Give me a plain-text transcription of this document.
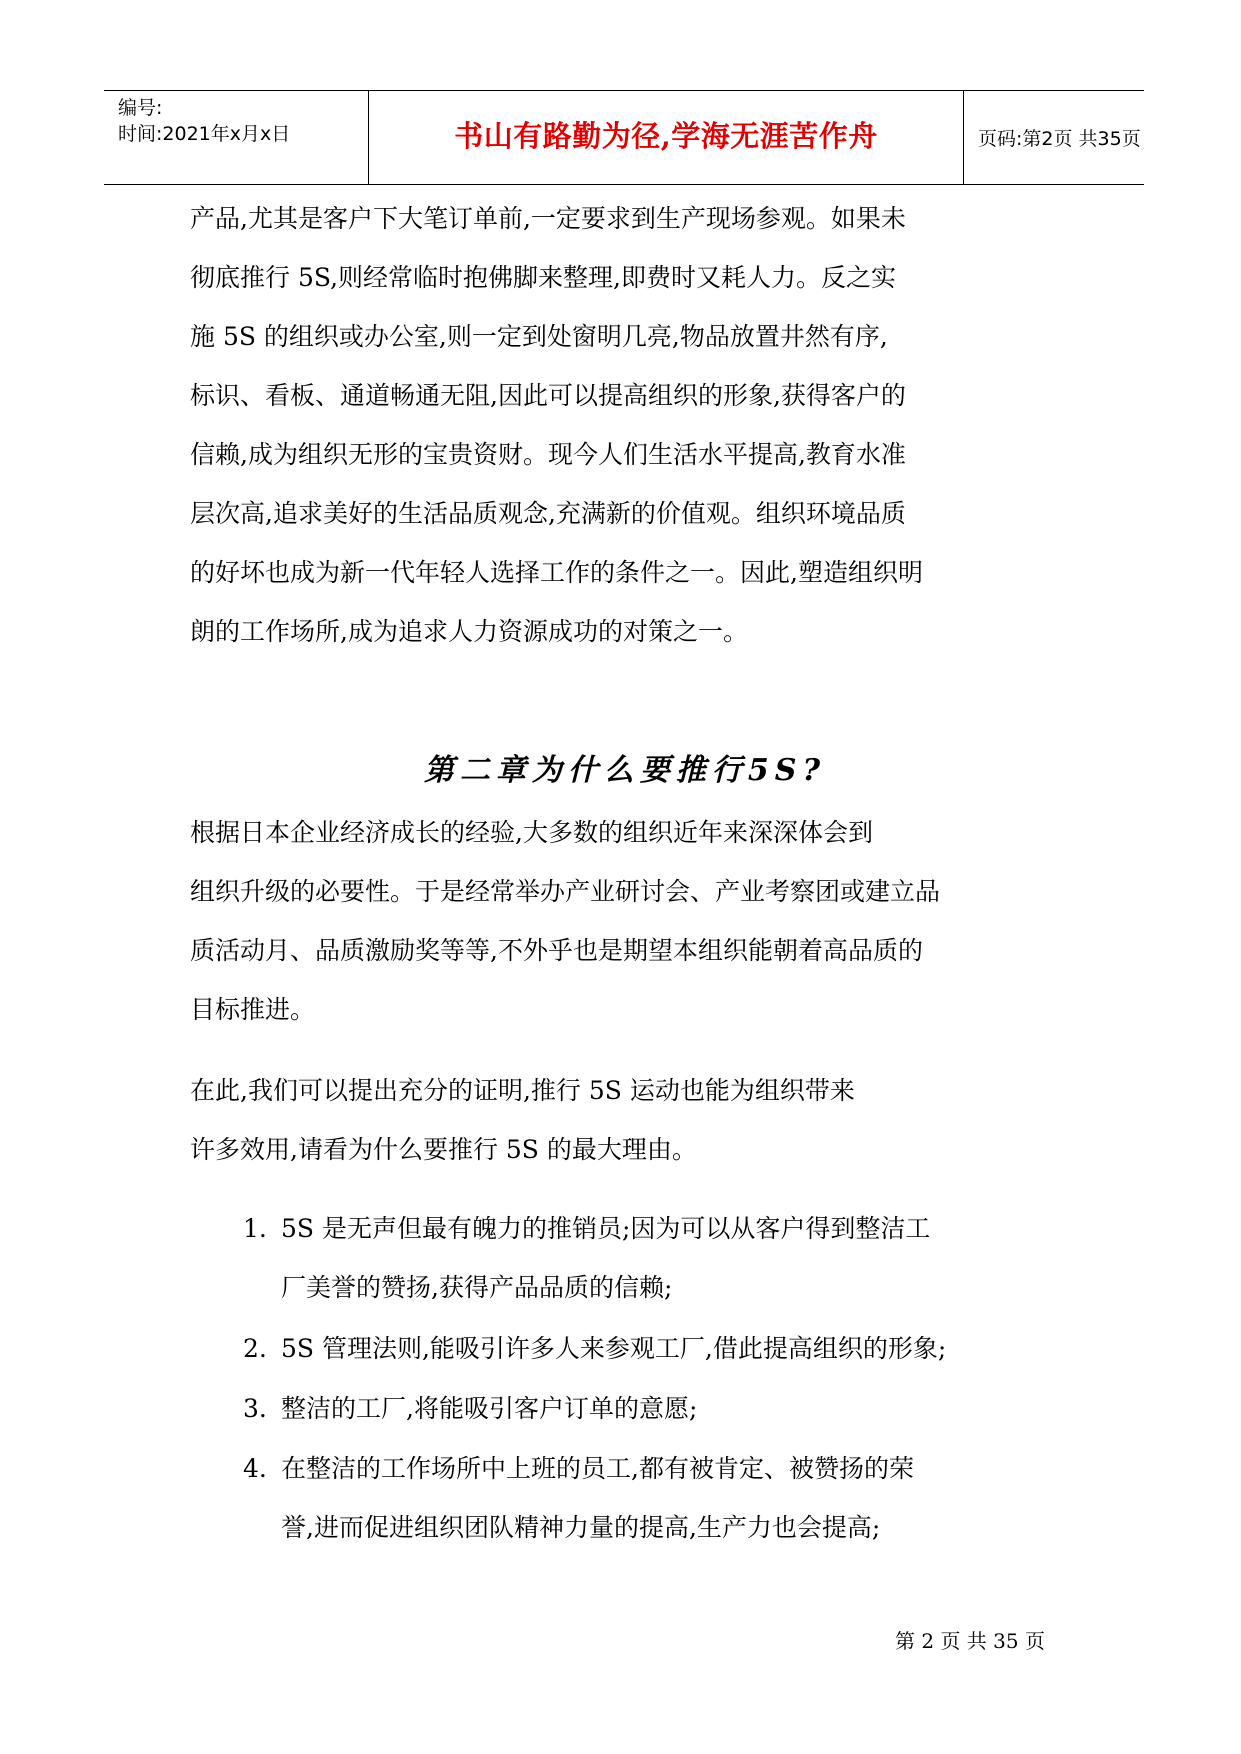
编号:
时间:2021年x月x日	书山有路勤为径,学海无涯苦作舟	页码:第2页 共35页
产品,尤其是客户下大笔订单前,一定要求到生产现场参观。如果未
彻底推行 5S,则经常临时抱佛脚来整理,即费时又耗人力。反之实
施 5S 的组织或办公室,则一定到处窗明几亮,物品放置井然有序,
标识、看板、通道畅通无阻,因此可以提高组织的形象,获得客户的
信赖,成为组织无形的宝贵资财。现今人们生活水平提高,教育水准
层次高,追求美好的生活品质观念,充满新的价值观。组织环境品质
的好坏也成为新一代年轻人选择工作的条件之一。因此,塑造组织明
朗的工作场所,成为追求人力资源成功的对策之一。
第二章为什么要推行5S?
根据日本企业经济成长的经验,大多数的组织近年来深深体会到
组织升级的必要性。于是经常举办产业研讨会、产业考察团或建立品
质活动月、品质激励奖等等,不外乎也是期望本组织能朝着高品质的
目标推进。
在此,我们可以提出充分的证明,推行 5S 运动也能为组织带来
许多效用,请看为什么要推行 5S 的最大理由。
1. 5S 是无声但最有魄力的推销员;因为可以从客户得到整洁工
厂美誉的赞扬,获得产品品质的信赖;
2. 5S 管理法则,能吸引许多人来参观工厂,借此提高组织的形象;
3. 整洁的工厂,将能吸引客户订单的意愿;
4. 在整洁的工作场所中上班的员工,都有被肯定、被赞扬的荣
誉,进而促进组织团队精神力量的提高,生产力也会提高;
第 2 页 共 35 页
